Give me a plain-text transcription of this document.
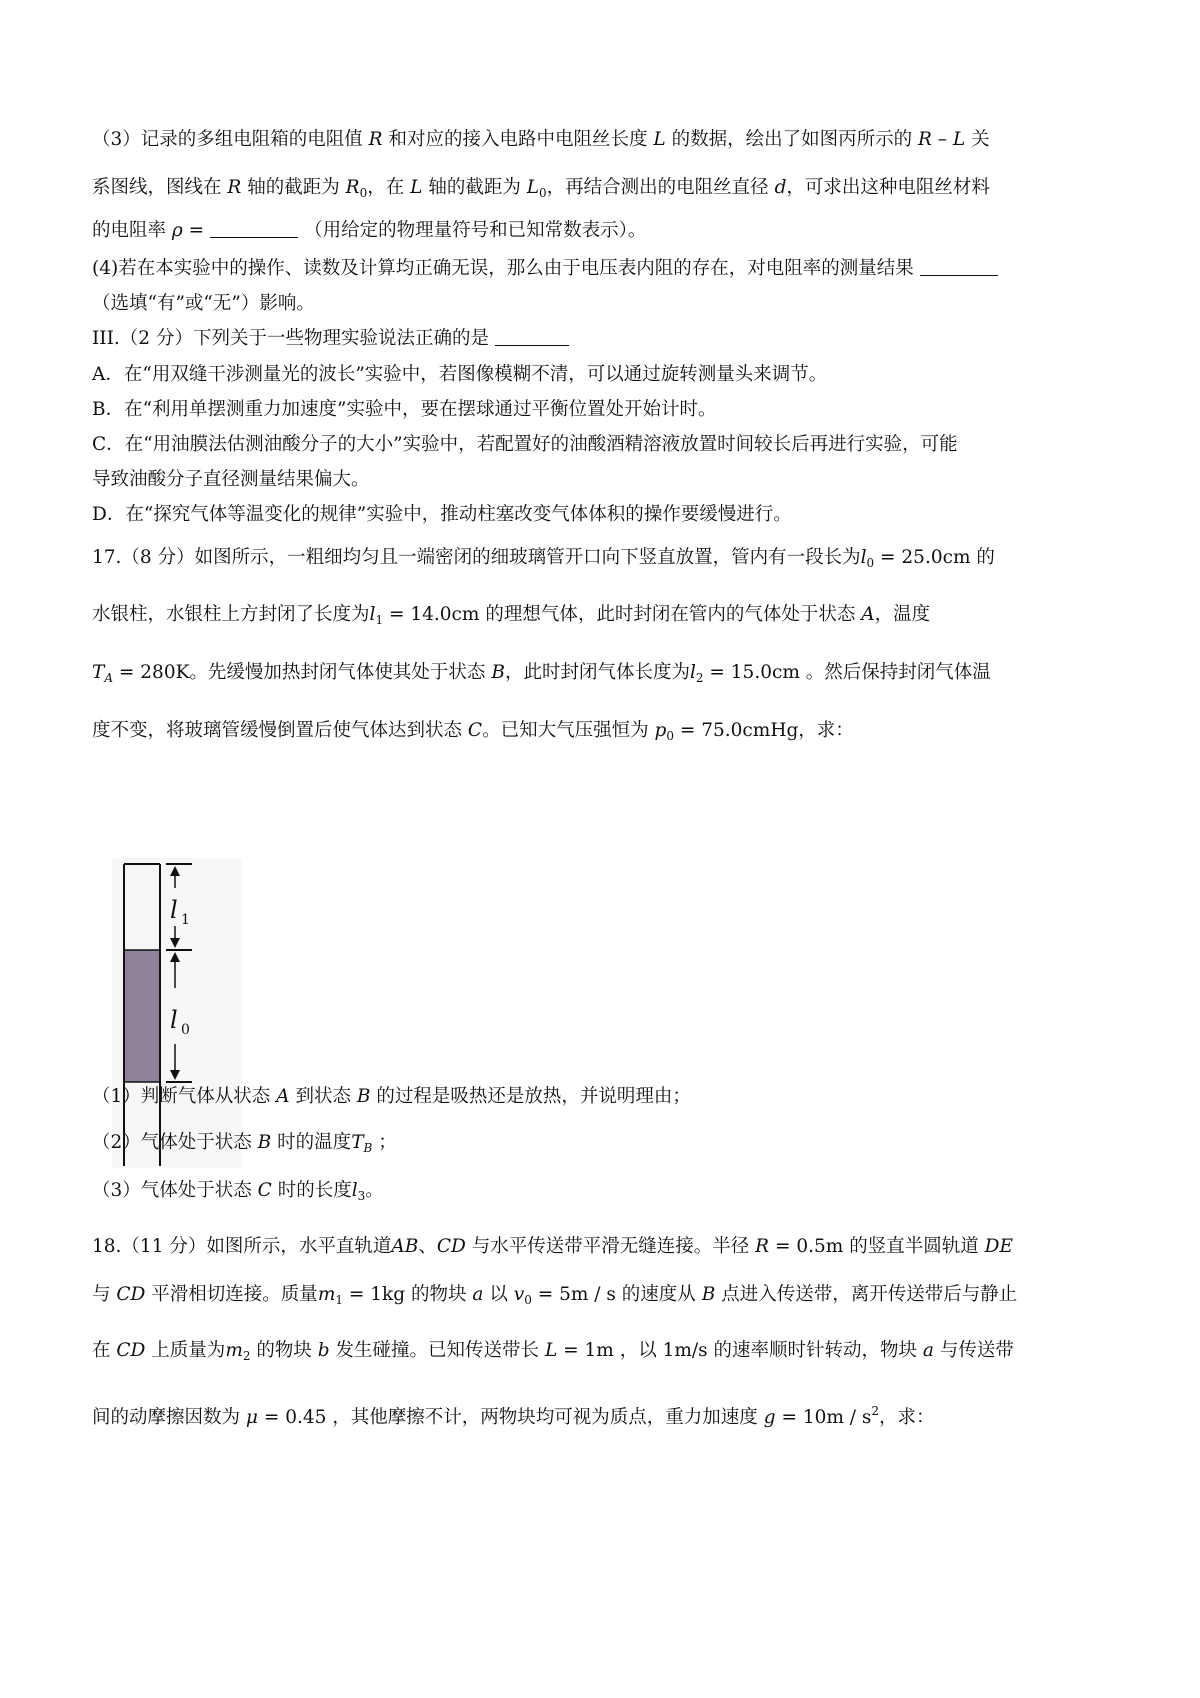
（3）记录的多组电阻箱的电阻值 R 和对应的接入电路中电阻丝长度 L 的数据，绘出了如图丙所示的 R – L 关
系图线，图线在 R 轴的截距为 $R_0$，在 L 轴的截距为 $L_0$，再结合测出的电阻丝直径 d，可求出这种电阻丝材料
的电阻率 ρ =	（用给定的物理量符号和已知常数表示）。
(4)若在本实验中的操作、读数及计算均正确无误，那么由于电压表内阻的存在，对电阻率的测量结果
（选填“有”或“无”）影响。
III.（2 分）下列关于一些物理实验说法正确的是
A．在“用双缝干涉测量光的波长”实验中，若图像模糊不清，可以通过旋转测量头来调节。
B．在“利用单摆测重力加速度”实验中，要在摆球通过平衡位置处开始计时。
C．在“用油膜法估测油酸分子的大小”实验中，若配置好的油酸酒精溶液放置时间较长后再进行实验，可能
导致油酸分子直径测量结果偏大。
D．在“探究气体等温变化的规律”实验中，推动柱塞改变气体体积的操作要缓慢进行。
17.（8 分）如图所示，一粗细均匀且一端密闭的细玻璃管开口向下竖直放置，管内有一段长为$l_0 = 25.0cm$ 的
水银柱，水银柱上方封闭了长度为$l_1 = 14.0cm$ 的理想气体，此时封闭在管内的气体处于状态 A，温度
$T_A = 280K$。先缓慢加热封闭气体使其处于状态 B，此时封闭气体长度为$l_2 = 15.0cm$ 。然后保持封闭气体温
度不变，将玻璃管缓慢倒置后使气体达到状态 C。已知大气压强恒为 $p_0$ = 75.0cmHg，求：
l 1
l 0
（1）判断气体从状态 A 到状态 B 的过程是吸热还是放热，并说明理由；
（2）气体处于状态 B 时的温度$T_B$ ；
（3）气体处于状态 C 时的长度$l_3$。
18.（11 分）如图所示，水平直轨道AB、CD 与水平传送带平滑无缝连接。半径 R = 0.5m 的竖直半圆轨道 DE
与 CD 平滑相切连接。质量$m_1 = 1kg$ 的物块 a 以 $v_0 = 5m / s$ 的速度从 B 点进入传送带，离开传送带后与静止
在 CD 上质量为$m_2$ 的物块 b 发生碰撞。已知传送带长 L = 1m ，以 1m/s 的速率顺时针转动，物块 a 与传送带
间的动摩擦因数为 μ = 0.45 ，其他摩擦不计，两物块均可视为质点，重力加速度 $g = 10m / s^2$，求：
